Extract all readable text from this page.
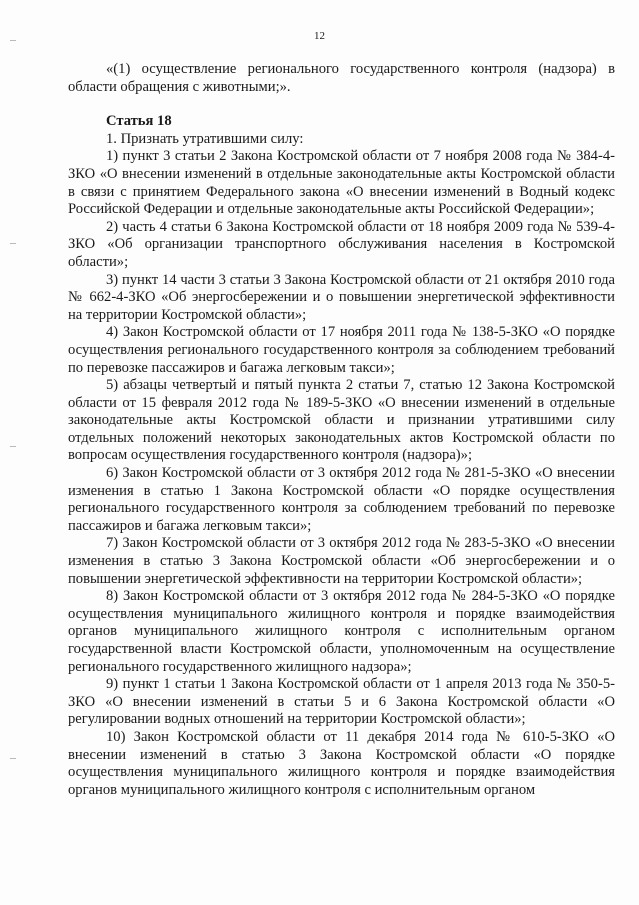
12

«(1) осуществление регионального государственного контроля (надзора) в области обращения с животными;».

Статья 18

1. Признать утратившими силу:

1) пункт 3 статьи 2 Закона Костромской области от 7 ноября 2008 года № 384-4-ЗКО «О внесении изменений в отдельные законодательные акты Костромской области в связи с принятием Федерального закона «О внесении изменений в Водный кодекс Российской Федерации и отдельные законодательные акты Российской Федерации»;

2) часть 4 статьи 6 Закона Костромской области от 18 ноября 2009 года № 539-4-ЗКО «Об организации транспортного обслуживания населения в Костромской области»;

3) пункт 14 части 3 статьи 3 Закона Костромской области от 21 октября 2010 года № 662-4-ЗКО «Об энергосбережении и о повышении энергетической эффективности на территории Костромской области»;

4) Закон Костромской области от 17 ноября 2011 года № 138-5-ЗКО «О порядке осуществления регионального государственного контроля за соблюдением требований по перевозке пассажиров и багажа легковым такси»;

5) абзацы четвертый и пятый пункта 2 статьи 7, статью 12 Закона Костромской области от 15 февраля 2012 года № 189-5-ЗКО «О внесении изменений в отдельные законодательные акты Костромской области и признании утратившими силу отдельных положений некоторых законодательных актов Костромской области по вопросам осуществления государственного контроля (надзора)»;

6) Закон Костромской области от 3 октября 2012 года № 281-5-ЗКО «О внесении изменения в статью 1 Закона Костромской области «О порядке осуществления регионального государственного контроля за соблюдением требований по перевозке пассажиров и багажа легковым такси»;

7) Закон Костромской области от 3 октября 2012 года № 283-5-ЗКО «О внесении изменения в статью 3 Закона Костромской области «Об энергосбережении и о повышении энергетической эффективности на территории Костромской области»;

8) Закон Костромской области от 3 октября 2012 года № 284-5-ЗКО «О порядке осуществления муниципального жилищного контроля и порядке взаимодействия органов муниципального жилищного контроля с исполнительным органом государственной власти Костромской области, уполномоченным на осуществление регионального государственного жилищного надзора»;

9) пункт 1 статьи 1 Закона Костромской области от 1 апреля 2013 года № 350-5-ЗКО «О внесении изменений в статьи 5 и 6 Закона Костромской области «О регулировании водных отношений на территории Костромской области»;

10) Закон Костромской области от 11 декабря 2014 года № 610-5-ЗКО «О внесении изменений в статью 3 Закона Костромской области «О порядке осуществления муниципального жилищного контроля и порядке взаимодействия органов муниципального жилищного контроля с исполнительным органом
